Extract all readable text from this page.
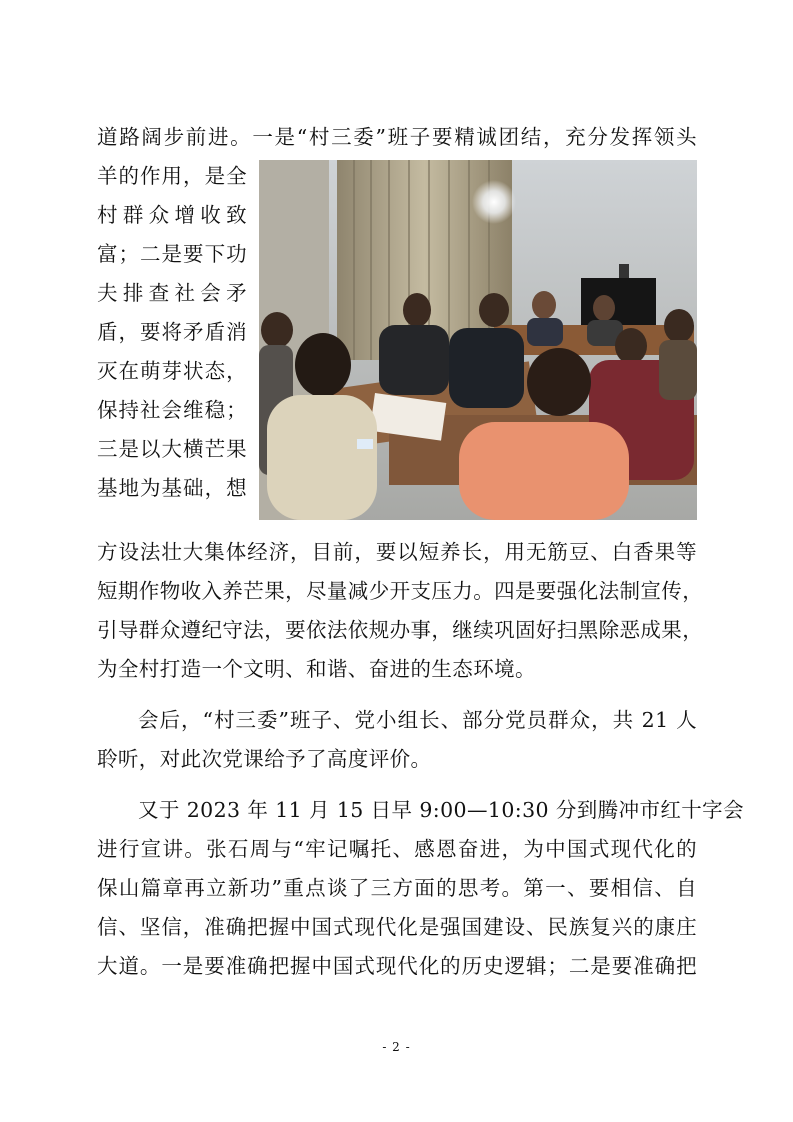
道路阔步前进。一是“村三委”班子要精诚团结，充分发挥领头
羊的作用，是全
村群众增收致
富；二是要下功
夫排查社会矛
盾，要将矛盾消
灭在萌芽状态，
保持社会维稳；
三是以大横芒果
基地为基础，想
方设法壮大集体经济，目前，要以短养长，用无筋豆、白香果等
短期作物收入养芒果，尽量减少开支压力。四是要强化法制宣传，
引导群众遵纪守法，要依法依规办事，继续巩固好扫黑除恶成果，
为全村打造一个文明、和谐、奋进的生态环境。
会后，“村三委”班子、党小组长、部分党员群众，共 21 人
聆听，对此次党课给予了高度评价。
又于 2023 年 11 月 15 日早 9:00—10:30 分到腾冲市红十字会
进行宣讲。张石周与“牢记嘱托、感恩奋进，为中国式现代化的
保山篇章再立新功”重点谈了三方面的思考。第一、要相信、自
信、坚信，准确把握中国式现代化是强国建设、民族复兴的康庄
大道。一是要准确把握中国式现代化的历史逻辑；二是要准确把
- 2 -
